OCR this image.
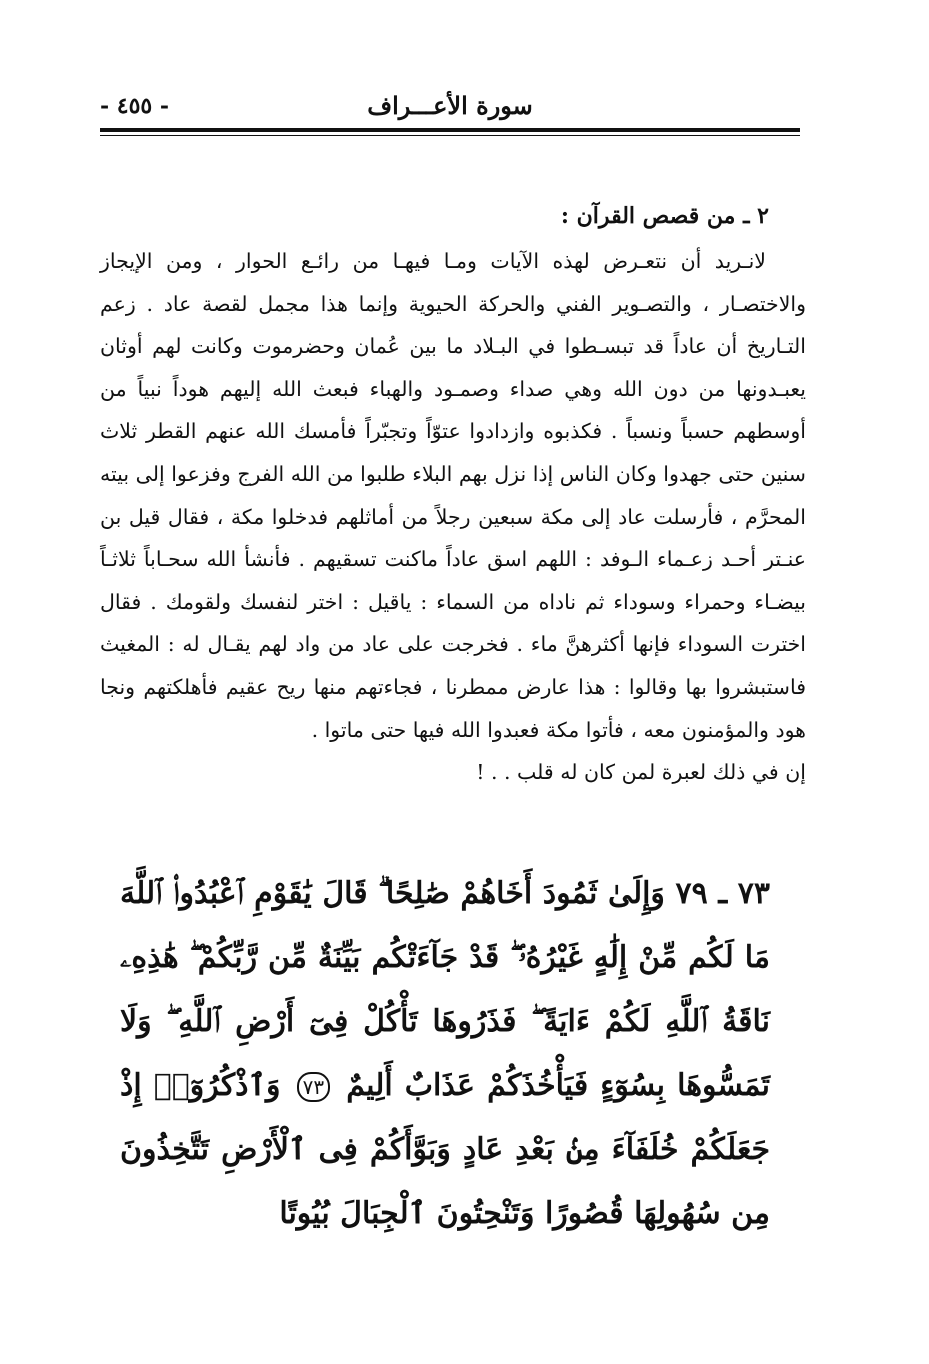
سورة الأعـــراف
- ٤٥٥ -
٢ ـ من قصص القرآن :

لانـريد أن نتعـرض لهذه الآيات ومـا فيهـا من رائـع الحوار ، ومن الإيجاز والاختصـار ، والتصـوير الفني والحركة الحيوية وإنما هذا مجمل لقصة عاد . زعم التـاريخ أن عاداً قد تبسـطوا في البـلاد ما بين عُمان وحضرموت وكانت لهم أوثان يعبـدونها من دون الله وهي صداء وصمـود والهباء فبعث الله إليهم هوداً نبياً من أوسطهم حسباً ونسباً . فكذبوه وازدادوا عتوّاً وتجبّراً فأمسك الله عنهم القطر ثلاث سنين حتى جهدوا وكان الناس إذا نزل بهم البلاء طلبوا من الله الفرج وفزعوا إلى بيته المحرَّم ، فأرسلت عاد إلى مكة سبعين رجلاً من أماثلهم فدخلوا مكة ، فقال قيل بن عنـتر أحـد زعـماء الـوفد : اللهم اسق عاداً ماكنت تسقيهم . فأنشأ الله سحـاباً ثلاثـاً بيضـاء وحمراء وسوداء ثم ناداه من السماء : ياقيل : اختر لنفسك ولقومك . فقال اخترت السوداء فإنها أكثرهنَّ ماء . فخرجت على عاد من واد لهم يقـال له : المغيث فاستبشروا بها وقالوا : هذا عارض ممطرنا ، فجاءتهم منها ريح عقيم فأهلكتهم ونجا هود والمؤمنون معه ، فأتوا مكة فعبدوا الله فيها حتى ماتوا .

إن في ذلك لعبرة لمن كان له قلب . . !
٧٣ ـ ٧٩ وَإِلَىٰ ثَمُودَ أَخَاهُمْ صَٰلِحًا ۗ قَالَ يَٰقَوْمِ ٱعْبُدُوا۟ ٱللَّهَ مَا لَكُم مِّنْ إِلَٰهٍ غَيْرُهُۥ ۖ قَدْ جَآءَتْكُم بَيِّنَةٌ مِّن رَّبِّكُمْ ۖ هَٰذِهِۦ نَاقَةُ ٱللَّهِ لَكُمْ ءَايَةً ۖ فَذَرُوهَا تَأْكُلْ فِىٓ أَرْضِ ٱللَّهِ ۖ وَلَا تَمَسُّوهَا بِسُوٓءٍ فَيَأْخُذَكُمْ عَذَابٌ أَلِيمٌ ٧٣ وَٱذْكُرُوٓا۟ إِذْ جَعَلَكُمْ خُلَفَآءَ مِنۢ بَعْدِ عَادٍ وَبَوَّأَكُمْ فِى ٱلْأَرْضِ تَتَّخِذُونَ مِن سُهُولِهَا قُصُورًا وَتَنْحِتُونَ ٱلْجِبَالَ بُيُوتًا
